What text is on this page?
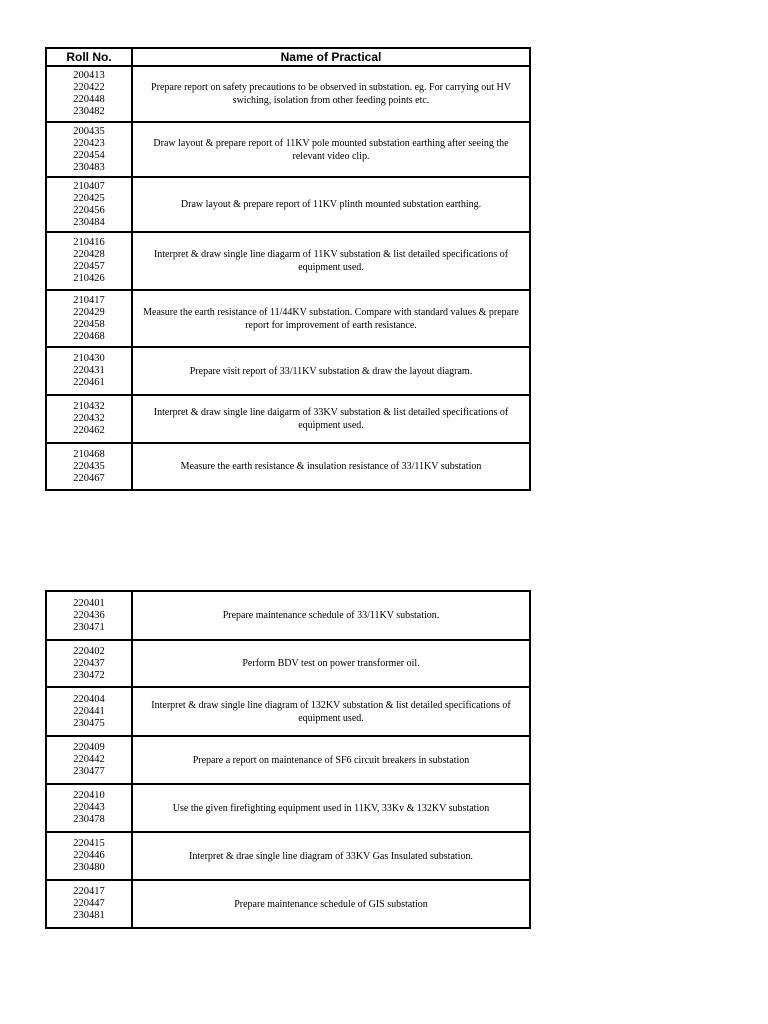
Roll No.	Name of Practical

200413
220422
220448
230482	Prepare report on safety precautions to be observed in substation. eg. For carrying out HV swiching, isolation from other feeding points etc.

200435
220423
220454
230483	Draw layout & prepare report of 11KV pole mounted substation earthing after seeing the relevant video clip.

210407
220425
220456
230484	Draw layout & prepare report of 11KV plinth mounted substation earthing.

210416
220428
220457
210426	Interpret & draw single line diagarm of 11KV substation & list detailed specifications of equipment used.

210417
220429
220458
220468	Measure the earth resistance of 11/44KV substation. Compare with standard values & prepare report for improvement of earth resistance.

210430
220431
220461	Prepare visit report of 33/11KV substation & draw the layout diagram.

210432
220432
220462	Interpret & draw single line daigarm of 33KV substation & list detailed specifications of equipment used.

210468
220435
220467	Measure the earth resistance & insulation resistance of 33/11KV substation
220401
220436
230471	Prepare maintenance schedule of 33/11KV substation.

220402
220437
230472	Perform BDV test on power transformer oil.

220404
220441
230475	Interpret & draw single line diagram of 132KV substation & list detailed specifications of equipment used.

220409
220442
230477	Prepare a report on maintenance of SF6 circuit breakers in substation

220410
220443
230478	Use the given firefighting equipment used in 11KV, 33Kv & 132KV substation

220415
220446
230480	Interpret & drae single line diagram of 33KV Gas Insulated substation.

220417
220447
230481	Prepare maintenance schedule of GIS substation
